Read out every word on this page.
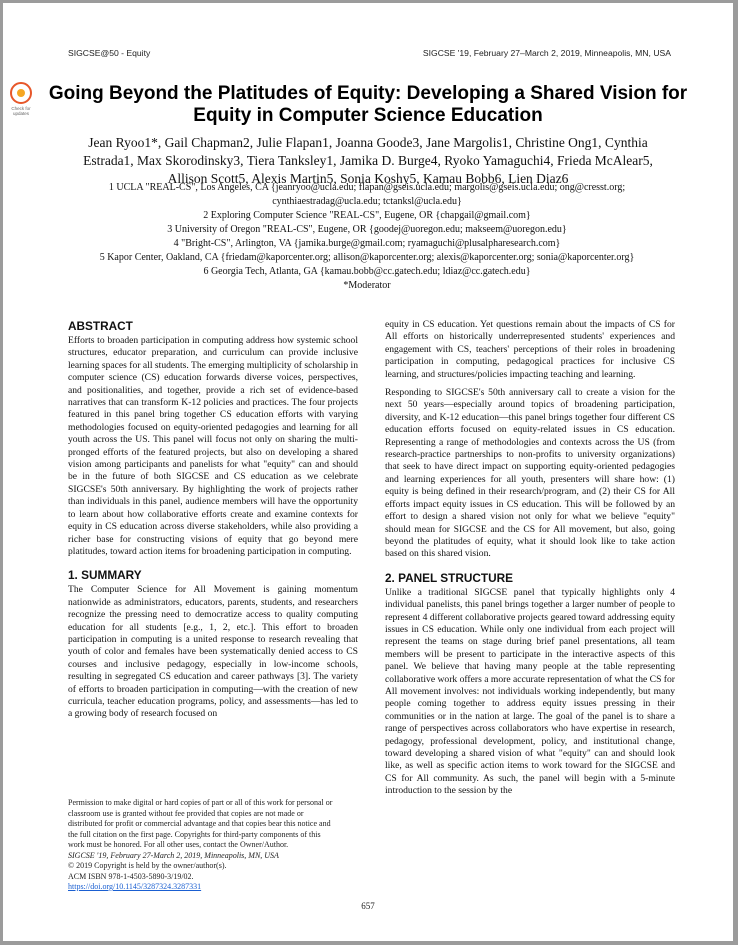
SIGCSE@50 - Equity	SIGCSE '19, February 27–March 2, 2019, Minneapolis, MN, USA
Check for updates
Going Beyond the Platitudes of Equity: Developing a Shared Vision for Equity in Computer Science Education
Jean Ryoo1*, Gail Chapman2, Julie Flapan1, Joanna Goode3, Jane Margolis1, Christine Ong1, Cynthia Estrada1, Max Skorodinsky3, Tiera Tanksley1, Jamika D. Burge4, Ryoko Yamaguchi4, Frieda McAlear5, Allison Scott5, Alexis Martin5, Sonia Koshy5, Kamau Bobb6, Lien Diaz6

1 UCLA "REAL-CS", Los Angeles, CA {jeanryoo@ucla.edu; flapan@gseis.ucla.edu; margolis@gseis.ucla.edu; ong@cresst.org; cynthiaestradag@ucla.edu; tctanksl@ucla.edu}

2 Exploring Computer Science "REAL-CS", Eugene, OR {chapgail@gmail.com}

3 University of Oregon "REAL-CS", Eugene, OR {goodej@uoregon.edu; makseem@uoregon.edu}

4 "Bright-CS", Arlington, VA {jamika.burge@gmail.com; ryamaguchi@plusalpharesearch.com}

5 Kapor Center, Oakland, CA {friedam@kaporcenter.org; allison@kaporcenter.org; alexis@kaporcenter.org; sonia@kaporcenter.org}

6 Georgia Tech, Atlanta, GA {kamau.bobb@cc.gatech.edu; ldiaz@cc.gatech.edu}

*Moderator

ABSTRACT

Efforts to broaden participation in computing address how systemic school structures, educator preparation, and curriculum can provide inclusive learning spaces for all students. The emerging multiplicity of scholarship in computer science (CS) education forwards diverse voices, perspectives, and positionalities, and together, provide a rich set of evidence-based narratives that can transform K-12 policies and practices. The four projects featured in this panel bring together CS education efforts with varying methodologies focused on equity-oriented pedagogies and learning for all youth across the US. This panel will focus not only on sharing the multi-pronged efforts of the featured projects, but also on developing a shared vision among participants and panelists for what "equity" can and should be in the future of both SIGCSE and CS education as we celebrate SIGCSE's 50th anniversary. By highlighting the work of projects rather than individuals in this panel, audience members will have the opportunity to learn about how collaborative efforts create and examine contexts for equity in CS education across diverse stakeholders, while also providing a richer base for constructing visions of equity that go beyond mere platitudes, toward action items for broadening participation in computing.

1. SUMMARY

The Computer Science for All Movement is gaining momentum nationwide as administrators, educators, parents, students, and researchers recognize the pressing need to democratize access to quality computing education for all students [e.g., 1, 2, etc.]. This effort to broaden participation in computing is a united response to research revealing that youth of color and females have been systematically denied access to CS courses and inclusive pedagogy, especially in low-income schools, resulting in segregated CS education and career pathways [3]. The variety of efforts to broaden participation in computing—with the creation of new curricula, teacher education programs, policy, and assessments—has led to a growing body of research focused on

equity in CS education. Yet questions remain about the impacts of CS for All efforts on historically underrepresented students' experiences and engagement with CS, teachers' perceptions of their roles in broadening participation in computing, pedagogical practices for inclusive CS learning, and structures/policies impacting teaching and learning.

Responding to SIGCSE's 50th anniversary call to create a vision for the next 50 years—especially around topics of broadening participation, diversity, and K-12 education—this panel brings together four different CS education efforts focused on equity-related issues in CS education. Representing a range of methodologies and contexts across the US (from research-practice partnerships to non-profits to university organizations) that seek to have direct impact on supporting equity-oriented pedagogies and learning experiences for all youth, presenters will share how: (1) equity is being defined in their research/program, and (2) their CS for All efforts impact equity issues in CS education. This will be followed by an effort to design a shared vision not only for what we believe "equity" should mean for SIGCSE and the CS for All movement, but also, going beyond the platitudes of equity, what it should look like to take action based on this shared vision.

2. PANEL STRUCTURE

Unlike a traditional SIGCSE panel that typically highlights only 4 individual panelists, this panel brings together a larger number of people to represent 4 different collaborative projects geared toward addressing equity issues in CS education. While only one individual from each project will represent the teams on stage during brief panel presentations, all team members will be present to participate in the interactive aspects of this panel. We believe that having many people at the table representing collaborative work offers a more accurate representation of what the CS for All movement involves: not individuals working independently, but many people coming together to address equity issues pressing in their communities or in the nation at large. The goal of the panel is to share a range of perspectives across collaborators who have expertise in research, pedagogy, professional development, policy, and institutional change, toward developing a shared vision of what "equity" can and should look like, as well as specific action items to work toward for the SIGCSE and CS for All community. As such, the panel will begin with a 5-minute introduction to the session by the

Permission to make digital or hard copies of part or all of this work for personal or classroom use is granted without fee provided that copies are not made or distributed for profit or commercial advantage and that copies bear this notice and the full citation on the first page. Copyrights for third-party components of this work must be honored. For all other uses, contact the Owner/Author.

SIGCSE '19, February 27-March 2, 2019, Minneapolis, MN, USA

© 2019 Copyright is held by the owner/author(s).

ACM ISBN 978-1-4503-5890-3/19/02.

https://doi.org/10.1145/3287324.3287331

657
